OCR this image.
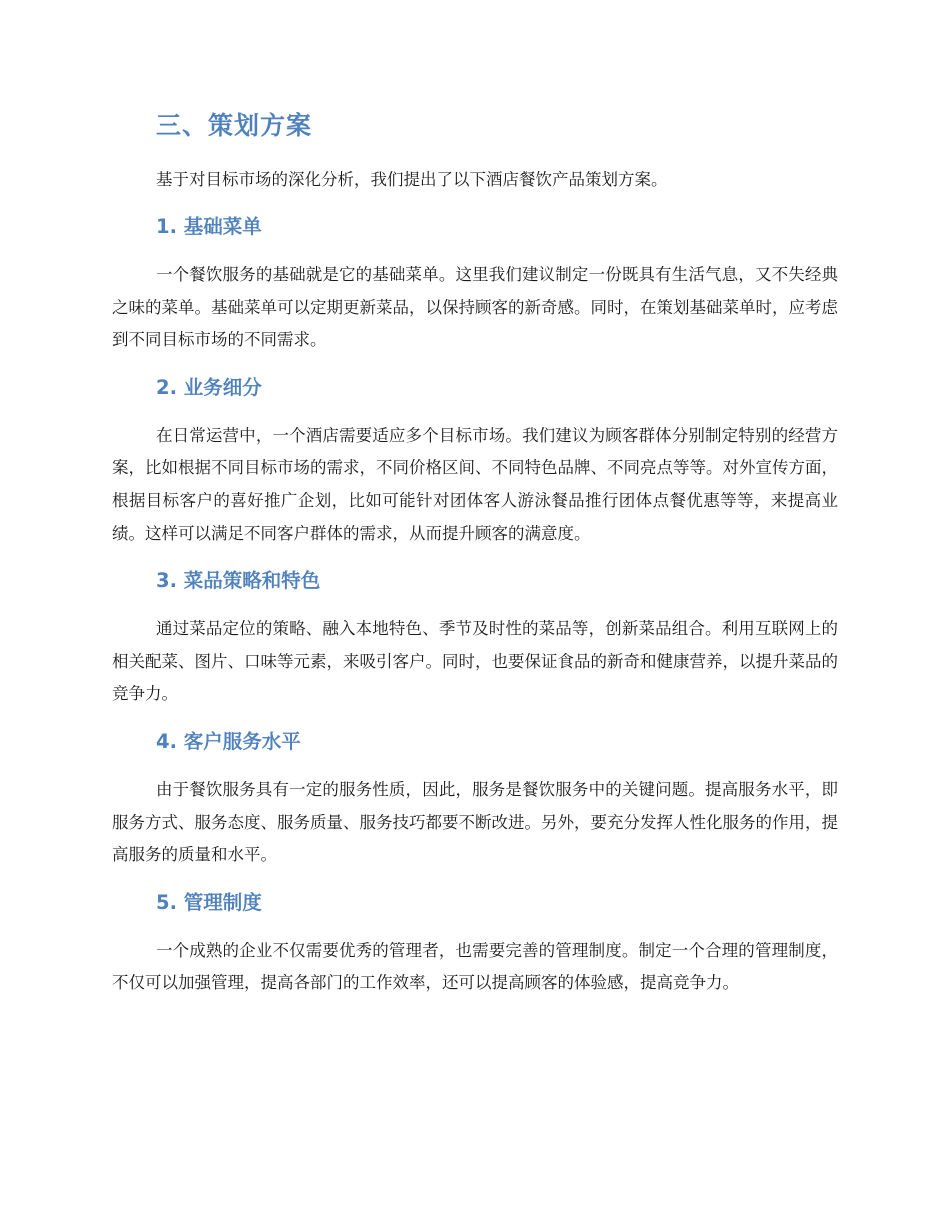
三、策划方案

基于对目标市场的深化分析，我们提出了以下酒店餐饮产品策划方案。

1. 基础菜单

一个餐饮服务的基础就是它的基础菜单。这里我们建议制定一份既具有生活气息，又不失经典之味的菜单。基础菜单可以定期更新菜品，以保持顾客的新奇感。同时，在策划基础菜单时，应考虑到不同目标市场的不同需求。

2. 业务细分

在日常运营中，一个酒店需要适应多个目标市场。我们建议为顾客群体分别制定特别的经营方案，比如根据不同目标市场的需求，不同价格区间、不同特色品牌、不同亮点等等。对外宣传方面，根据目标客户的喜好推广企划，比如可能针对团体客人游泳餐品推行团体点餐优惠等等，来提高业绩。这样可以满足不同客户群体的需求，从而提升顾客的满意度。

3. 菜品策略和特色

通过菜品定位的策略、融入本地特色、季节及时性的菜品等，创新菜品组合。利用互联网上的相关配菜、图片、口味等元素，来吸引客户。同时，也要保证食品的新奇和健康营养，以提升菜品的竞争力。

4. 客户服务水平

由于餐饮服务具有一定的服务性质，因此，服务是餐饮服务中的关键问题。提高服务水平，即服务方式、服务态度、服务质量、服务技巧都要不断改进。另外，要充分发挥人性化服务的作用，提高服务的质量和水平。

5. 管理制度

一个成熟的企业不仅需要优秀的管理者，也需要完善的管理制度。制定一个合理的管理制度，不仅可以加强管理，提高各部门的工作效率，还可以提高顾客的体验感，提高竞争力。
